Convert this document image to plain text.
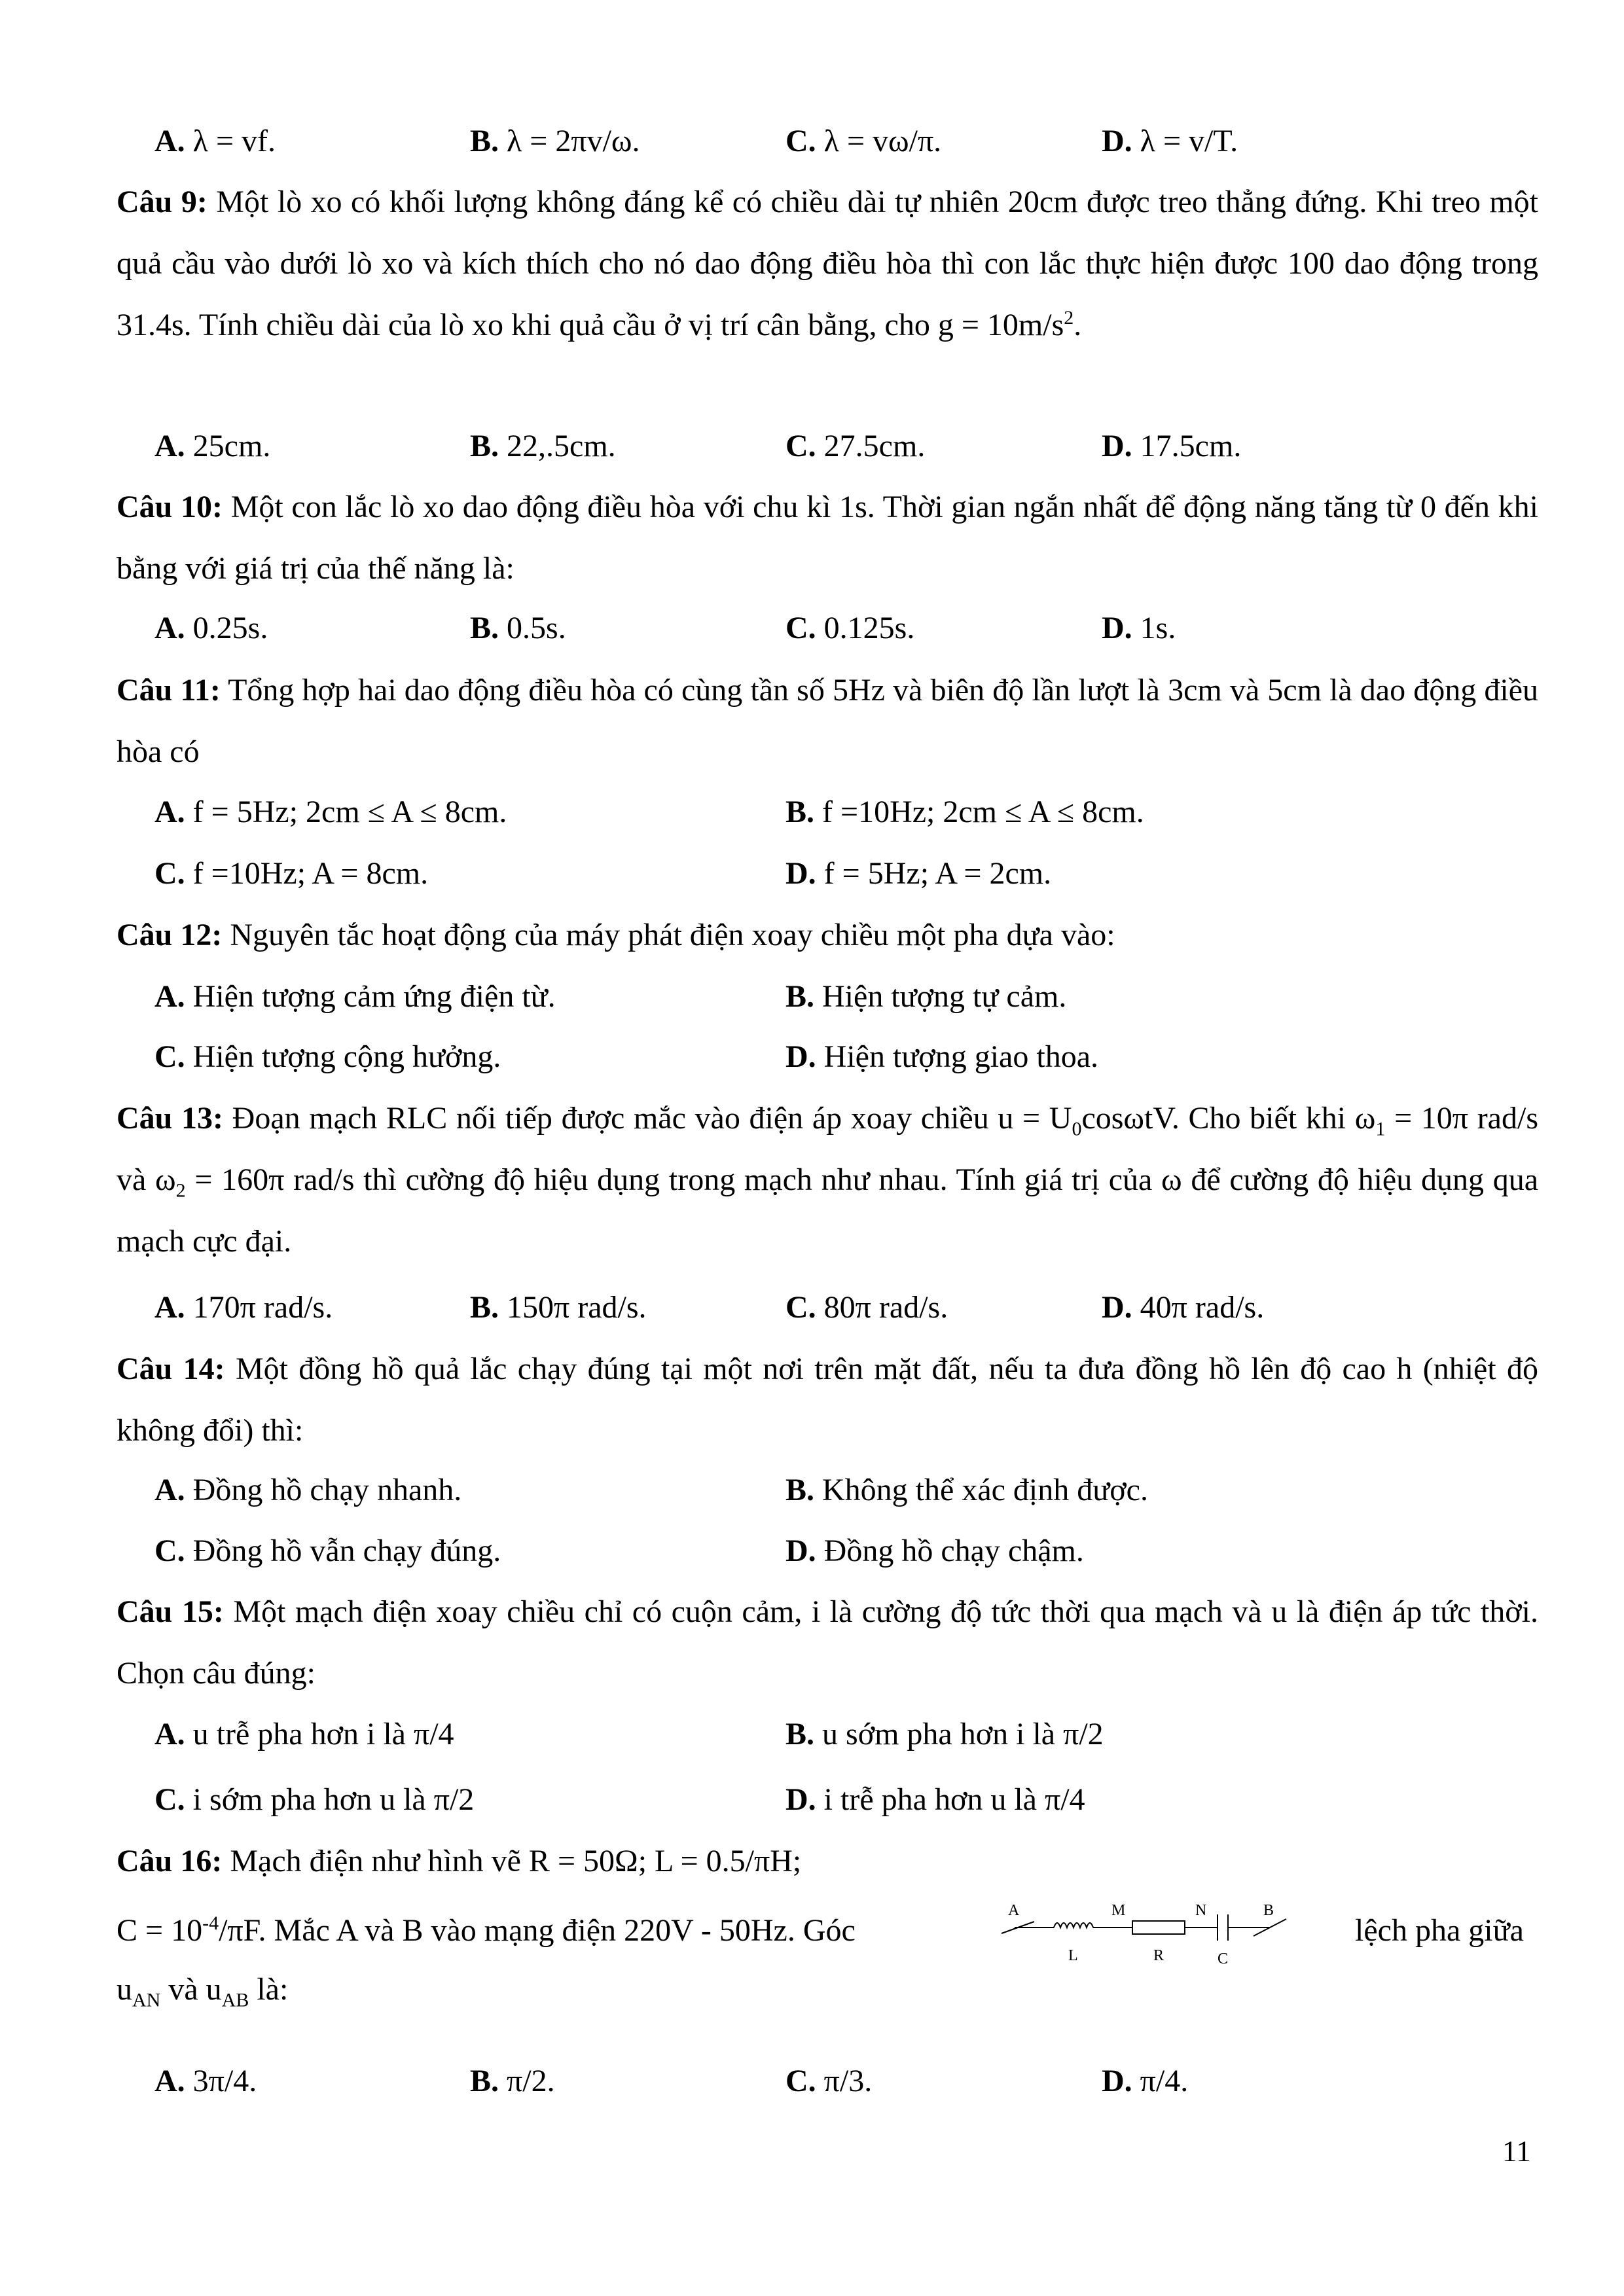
A. λ = vf.	B. λ = 2πv/ω.	C. λ = vω/π.	D. λ = v/T.
Câu 9: Một lò xo có khối lượng không đáng kể có chiều dài tự nhiên 20cm được treo thẳng đứng. Khi treo một quả cầu vào dưới lò xo và kích thích cho nó dao động điều hòa thì con lắc thực hiện được 100 dao động trong 31.4s. Tính chiều dài của lò xo khi quả cầu ở vị trí cân bằng, cho $g = 10m/s^2$.
A. 25cm.	B. 22,.5cm.	C. 27.5cm.	D. 17.5cm.
Câu 10: Một con lắc lò xo dao động điều hòa với chu kì 1s. Thời gian ngắn nhất để động năng tăng từ 0 đến khi bằng với giá trị của thế năng là:
A. 0.25s.	B. 0.5s.	C. 0.125s.	D. 1s.
Câu 11: Tổng hợp hai dao động điều hòa có cùng tần số 5Hz và biên độ lần lượt là 3cm và 5cm là dao động điều hòa có
A. f = 5Hz; 2cm ≤ A ≤ 8cm.	B. f =10Hz; 2cm ≤ A ≤ 8cm.
C. f =10Hz; A = 8cm.	D. f = 5Hz; A = 2cm.
Câu 12: Nguyên tắc hoạt động của máy phát điện xoay chiều một pha dựa vào:
A. Hiện tượng cảm ứng điện từ.	B. Hiện tượng tự cảm.
C. Hiện tượng cộng hưởng.	D. Hiện tượng giao thoa.
Câu 13: Đoạn mạch RLC nối tiếp được mắc vào điện áp xoay chiều $u = U_0\cos\omega tV$. Cho biết khi $\omega_1 = 10\pi$ rad/s và $\omega_2 = 160\pi$ rad/s thì cường độ hiệu dụng trong mạch như nhau. Tính giá trị của ω để cường độ hiệu dụng qua mạch cực đại.
A. 170π rad/s.	B. 150π rad/s.	C. 80π rad/s.	D. 40π rad/s.
Câu 14: Một đồng hồ quả lắc chạy đúng tại một nơi trên mặt đất, nếu ta đưa đồng hồ lên độ cao h (nhiệt độ không đổi) thì:
A. Đồng hồ chạy nhanh.	B. Không thể xác định được.
C. Đồng hồ vẫn chạy đúng.	D. Đồng hồ chạy chậm.
Câu 15: Một mạch điện xoay chiều chỉ có cuộn cảm, i là cường độ tức thời qua mạch và u là điện áp tức thời. Chọn câu đúng:
A. u trễ pha hơn i là π/4	B. u sớm pha hơn i là π/2
C. i sớm pha hơn u là π/2	D. i trễ pha hơn u là π/4
Câu 16: Mạch điện như hình vẽ R = 50Ω; L = 0.5/πH;
$C = 10^{-4}/\pi F$. Mắc A và B vào mạng điện 220V - 50Hz. Góc	lệch pha giữa
$u_{AN}$ và $u_{AB}$ là:
A	M	N	B
L	R	C
A. 3π/4.	B. π/2.	C. π/3.	D. π/4.
11
